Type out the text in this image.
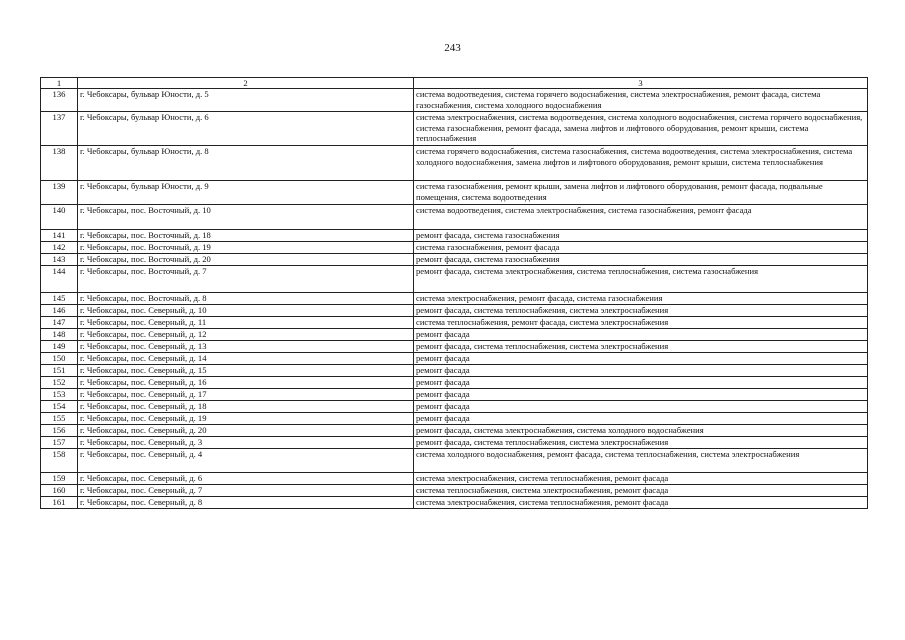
243
1	2	3
136	г. Чебоксары, бульвар Юности, д. 5	система водоотведения, система горячего водоснабжения, система электроснабжения, ремонт фасада, система газоснабжения, система холодного водоснабжения
137	г. Чебоксары, бульвар Юности, д. 6	система электроснабжения, система водоотведения, система холодного водоснабжения, система горячего водоснабжения, система газоснабжения, ремонт фасада, замена лифтов и лифтового оборудования, ремонт крыши, система теплоснабжения
138	г. Чебоксары, бульвар Юности, д. 8	система горячего водоснабжения, система газоснабжения, система водоотведения, система электроснабжения, система холодного водоснабжения, замена лифтов и лифтового оборудования, ремонт крыши, система теплоснабжения
139	г. Чебоксары, бульвар Юности, д. 9	система газоснабжения, ремонт крыши, замена лифтов и лифтового оборудования, ремонт фасада, подвальные помещения, система водоотведения
140	г. Чебоксары, пос. Восточный, д. 10	система водоотведения, система электроснабжения, система газоснабжения, ремонт фасада
141	г. Чебоксары, пос. Восточный, д. 18	ремонт фасада, система газоснабжения
142	г. Чебоксары, пос. Восточный, д. 19	система газоснабжения, ремонт фасада
143	г. Чебоксары, пос. Восточный, д. 20	ремонт фасада, система газоснабжения
144	г. Чебоксары, пос. Восточный, д. 7	ремонт фасада, система электроснабжения, система теплоснабжения, система газоснабжения
145	г. Чебоксары, пос. Восточный, д. 8	система электроснабжения, ремонт фасада, система газоснабжения
146	г. Чебоксары, пос. Северный, д. 10	ремонт фасада, система теплоснабжения, система электроснабжения
147	г. Чебоксары, пос. Северный, д. 11	система теплоснабжения, ремонт фасада, система электроснабжения
148	г. Чебоксары, пос. Северный, д. 12	ремонт фасада
149	г. Чебоксары, пос. Северный, д. 13	ремонт фасада, система теплоснабжения, система электроснабжения
150	г. Чебоксары, пос. Северный, д. 14	ремонт фасада
151	г. Чебоксары, пос. Северный, д. 15	ремонт фасада
152	г. Чебоксары, пос. Северный, д. 16	ремонт фасада
153	г. Чебоксары, пос. Северный, д. 17	ремонт фасада
154	г. Чебоксары, пос. Северный, д. 18	ремонт фасада
155	г. Чебоксары, пос. Северный, д. 19	ремонт фасада
156	г. Чебоксары, пос. Северный, д. 20	ремонт фасада, система электроснабжения, система холодного водоснабжения
157	г. Чебоксары, пос. Северный, д. 3	ремонт фасада, система теплоснабжения, система электроснабжения
158	г. Чебоксары, пос. Северный, д. 4	система холодного водоснабжения, ремонт фасада, система теплоснабжения, система электроснабжения
159	г. Чебоксары, пос. Северный, д. 6	система электроснабжения, система теплоснабжения, ремонт фасада
160	г. Чебоксары, пос. Северный, д. 7	система теплоснабжения, система электроснабжения, ремонт фасада
161	г. Чебоксары, пос. Северный, д. 8	система электроснабжения, система теплоснабжения, ремонт фасада
